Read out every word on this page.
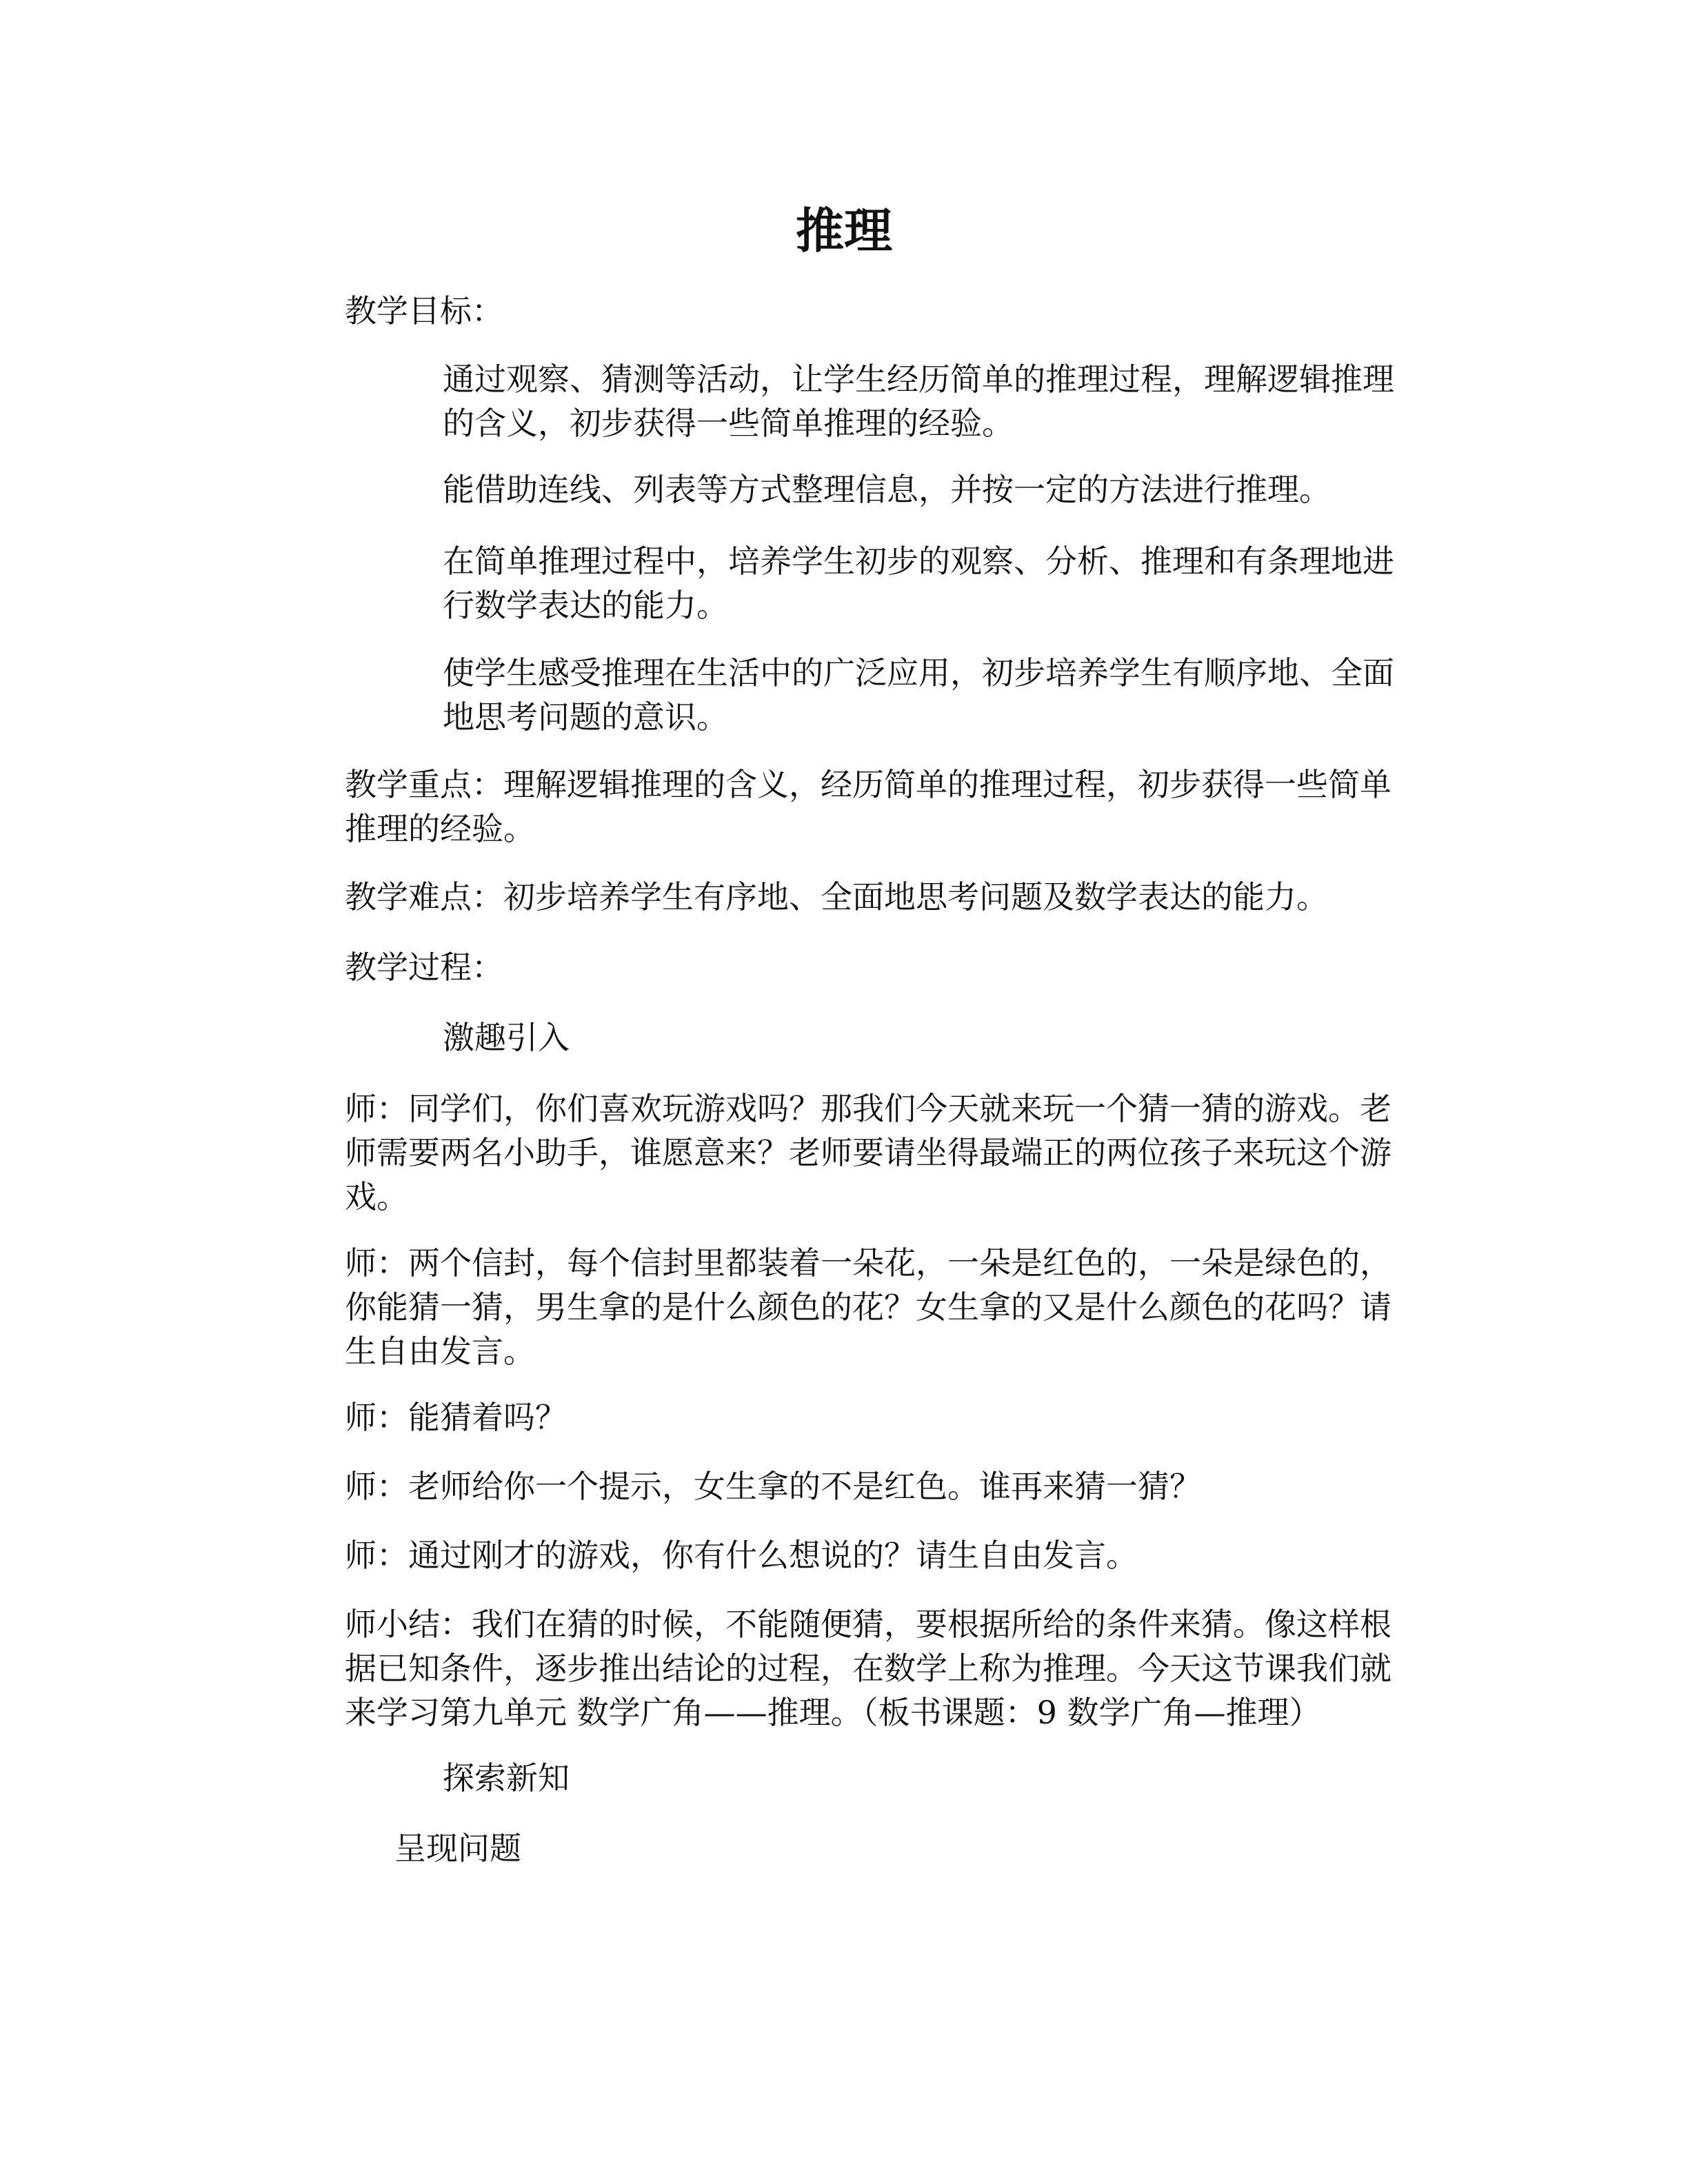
推理
教学目标：
通过观察、猜测等活动，让学生经历简单的推理过程，理解逻辑推理
的含义，初步获得一些简单推理的经验。
能借助连线、列表等方式整理信息，并按一定的方法进行推理。
在简单推理过程中，培养学生初步的观察、分析、推理和有条理地进
行数学表达的能力。
使学生感受推理在生活中的广泛应用，初步培养学生有顺序地、全面
地思考问题的意识。
教学重点：理解逻辑推理的含义，经历简单的推理过程，初步获得一些简单
推理的经验。
教学难点：初步培养学生有序地、全面地思考问题及数学表达的能力。
教学过程：
激趣引入
师：同学们，你们喜欢玩游戏吗？那我们今天就来玩一个猜一猜的游戏。老
师需要两名小助手，谁愿意来？老师要请坐得最端正的两位孩子来玩这个游
戏。
师：两个信封，每个信封里都装着一朵花，一朵是红色的，一朵是绿色的，
你能猜一猜，男生拿的是什么颜色的花？女生拿的又是什么颜色的花吗？请
生自由发言。
师：能猜着吗？
师：老师给你一个提示，女生拿的不是红色。谁再来猜一猜？
师：通过刚才的游戏，你有什么想说的？请生自由发言。
师小结：我们在猜的时候，不能随便猜，要根据所给的条件来猜。像这样根
据已知条件，逐步推出结论的过程，在数学上称为推理。今天这节课我们就
来学习第九单元 数学广角——推理。（板书课题：9 数学广角—推理）
探索新知
呈现问题
